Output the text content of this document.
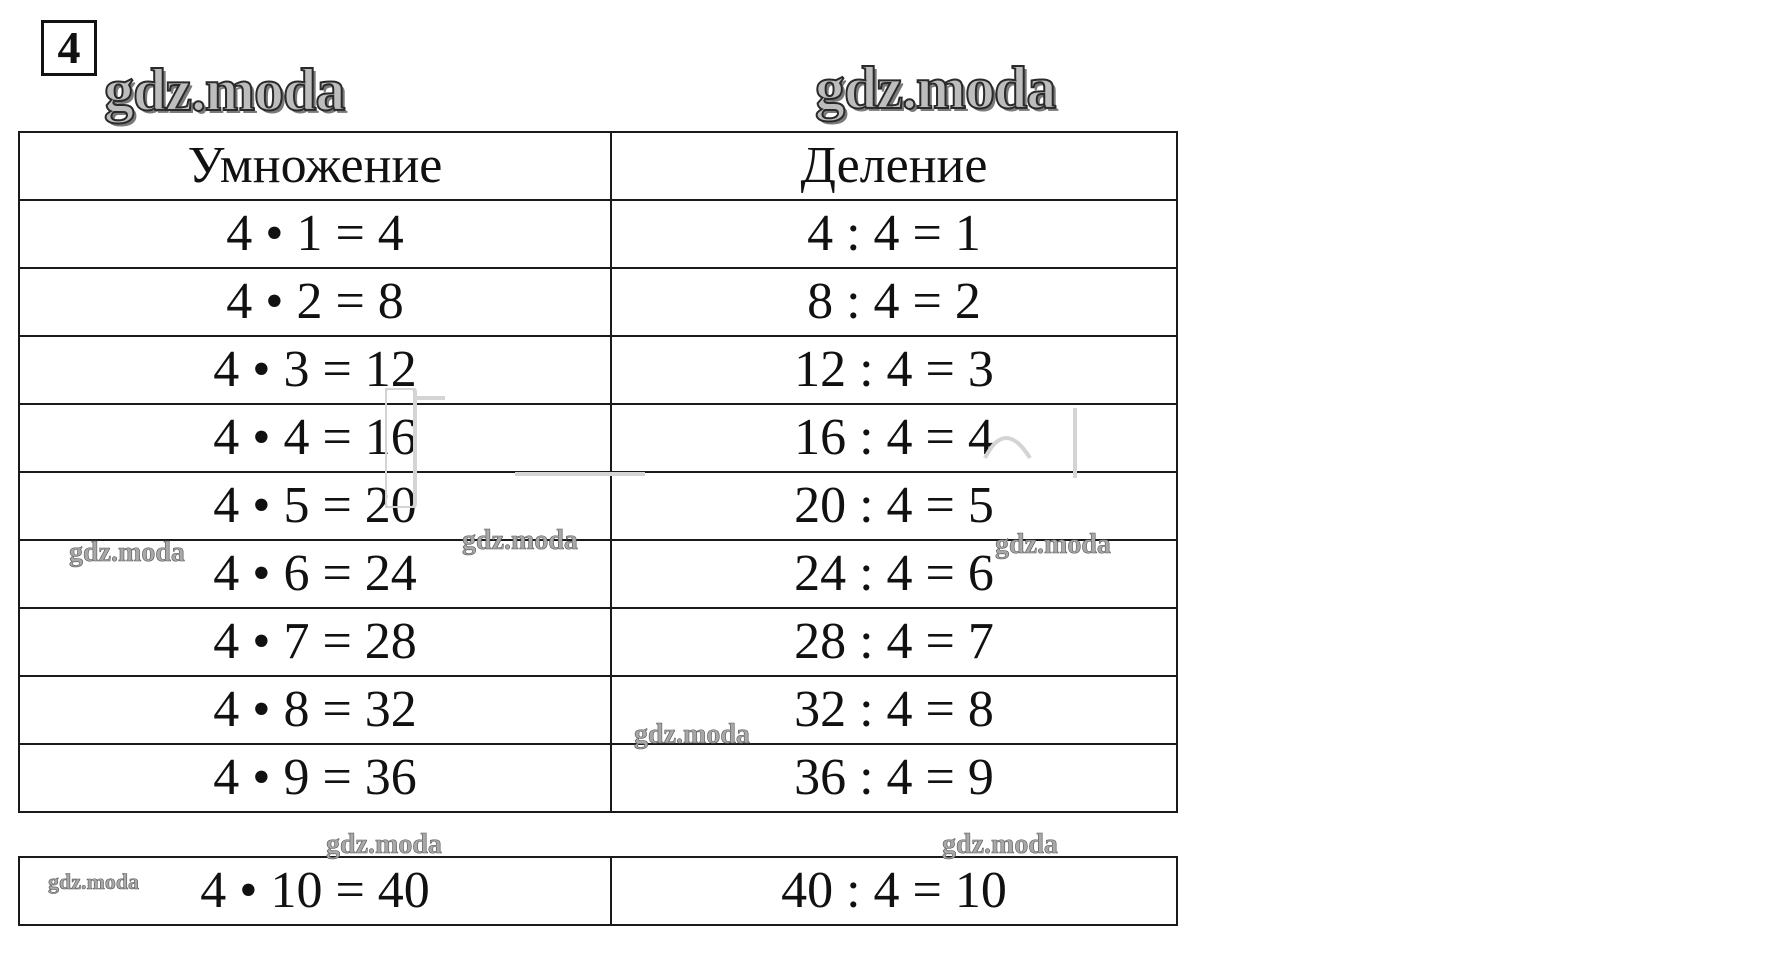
4
gdz.moda	gdz.moda
Умножение	Деление
4 • 1 = 4	4 : 4 = 1
4 • 2 = 8	8 : 4 = 2
4 • 3 = 12	12 : 4 = 3
4 • 4 = 16	16 : 4 = 4
4 • 5 = 20	20 : 4 = 5
4 • 6 = 24	24 : 4 = 6
4 • 7 = 28	28 : 4 = 7
4 • 8 = 32	32 : 4 = 8
4 • 9 = 36	36 : 4 = 9
4 • 10 = 40	40 : 4 = 10
gdz.moda	gdz.moda	gdz.moda
gdz.moda
gdz.moda	gdz.moda
gdz.moda
